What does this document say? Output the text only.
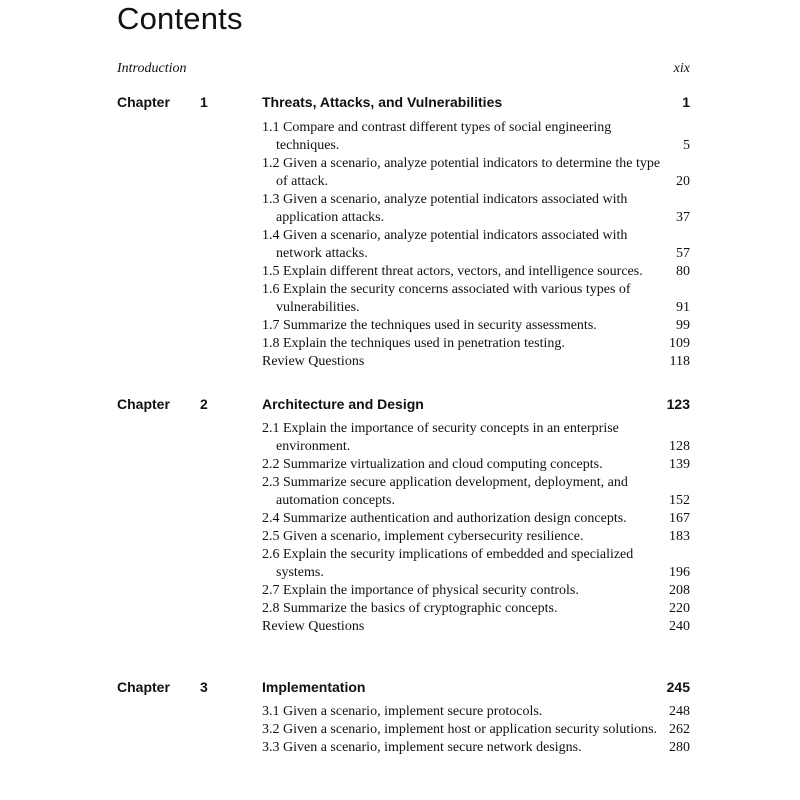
Contents
Introduction	xix
Chapter 1	Threats, Attacks, and Vulnerabilities	1
1.1 Compare and contrast different types of social engineering techniques.	5
1.2 Given a scenario, analyze potential indicators to determine the type of attack.	20
1.3 Given a scenario, analyze potential indicators associated with application attacks.	37
1.4 Given a scenario, analyze potential indicators associated with network attacks.	57
1.5 Explain different threat actors, vectors, and intelligence sources.	80
1.6 Explain the security concerns associated with various types of vulnerabilities.	91
1.7 Summarize the techniques used in security assessments.	99
1.8 Explain the techniques used in penetration testing.	109
Review Questions	118
Chapter 2	Architecture and Design	123
2.1 Explain the importance of security concepts in an enterprise environment.	128
2.2 Summarize virtualization and cloud computing concepts.	139
2.3 Summarize secure application development, deployment, and automation concepts.	152
2.4 Summarize authentication and authorization design concepts.	167
2.5 Given a scenario, implement cybersecurity resilience.	183
2.6 Explain the security implications of embedded and specialized systems.	196
2.7 Explain the importance of physical security controls.	208
2.8 Summarize the basics of cryptographic concepts.	220
Review Questions	240
Chapter 3	Implementation	245
3.1 Given a scenario, implement secure protocols.	248
3.2 Given a scenario, implement host or application security solutions. 262
3.3 Given a scenario, implement secure network designs.	280
